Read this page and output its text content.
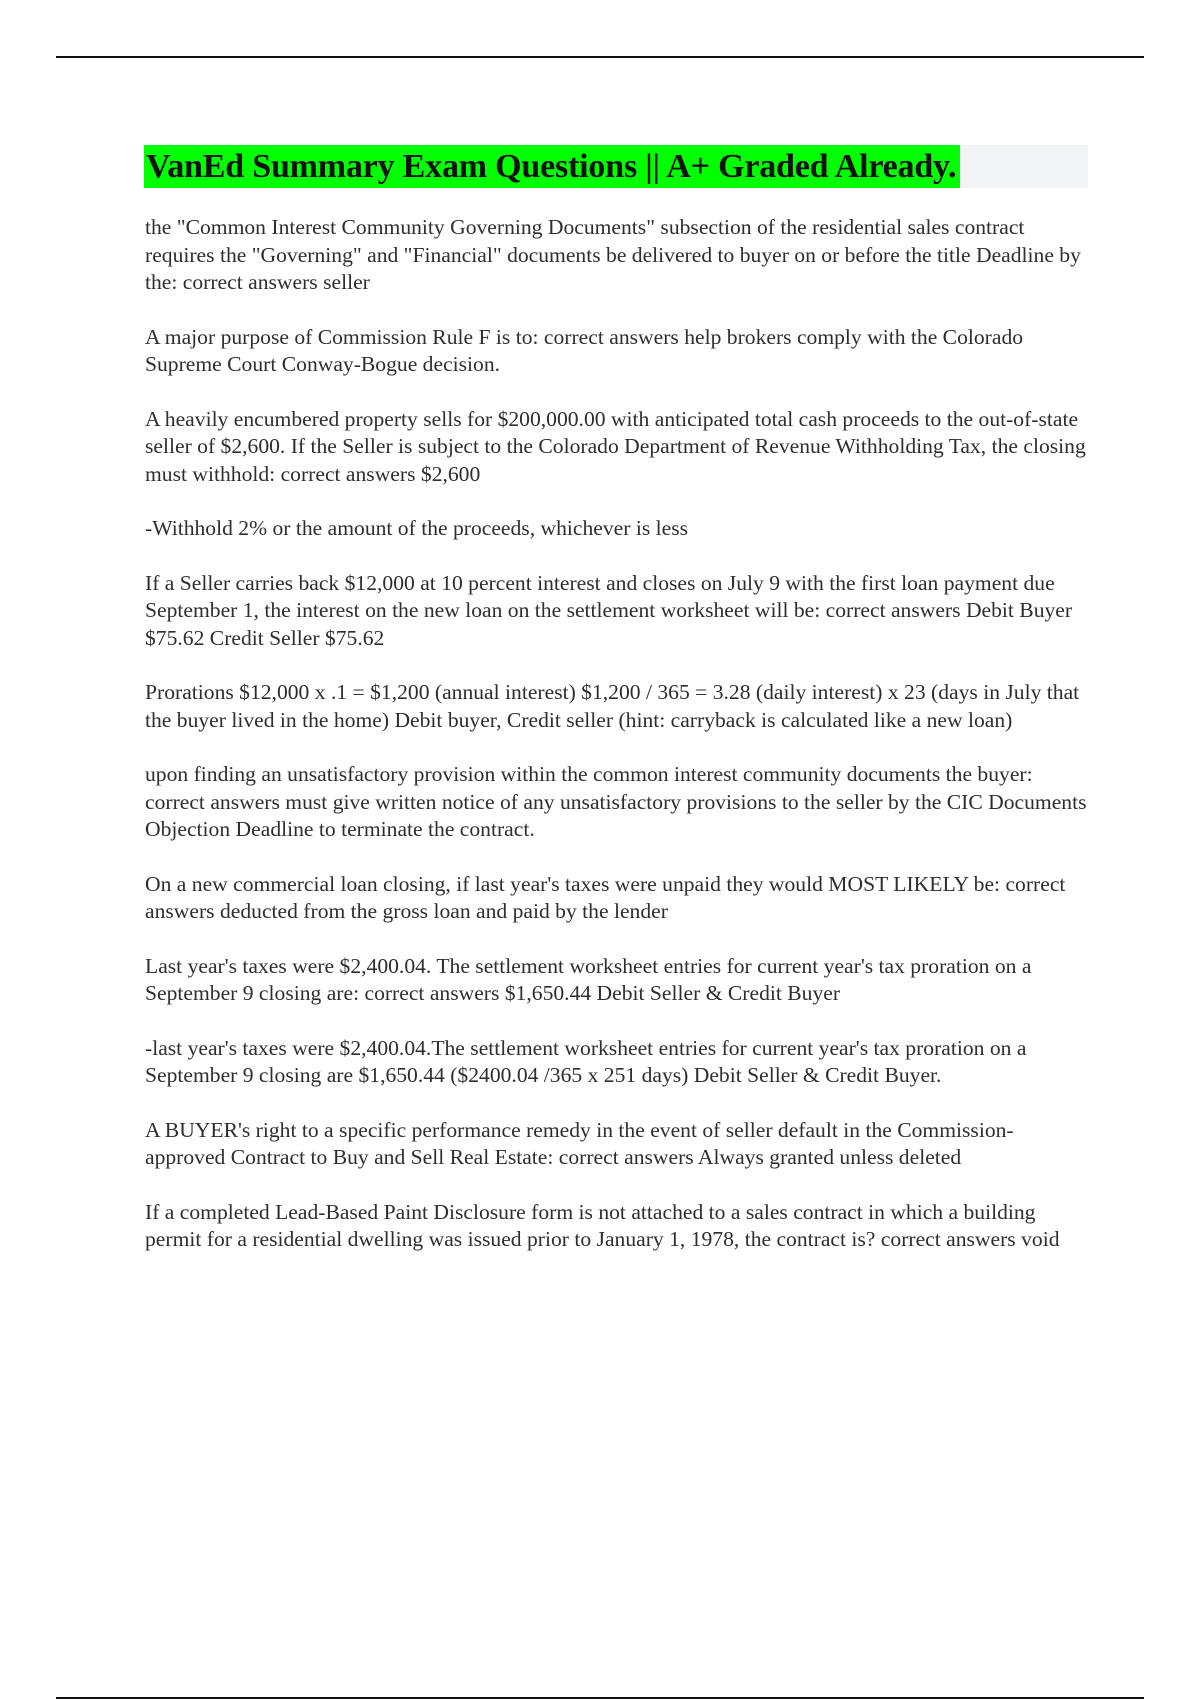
VanEd Summary Exam Questions || A+ Graded Already.

the "Common Interest Community Governing Documents" subsection of the residential sales contract requires the "Governing" and "Financial" documents be delivered to buyer on or before the title Deadline by the: correct answers seller

A major purpose of Commission Rule F is to: correct answers help brokers comply with the Colorado Supreme Court Conway-Bogue decision.

A heavily encumbered property sells for $200,000.00 with anticipated total cash proceeds to the out-of-state seller of $2,600. If the Seller is subject to the Colorado Department of Revenue Withholding Tax, the closing must withhold: correct answers $2,600

-Withhold 2% or the amount of the proceeds, whichever is less

If a Seller carries back $12,000 at 10 percent interest and closes on July 9 with the first loan payment due September 1, the interest on the new loan on the settlement worksheet will be: correct answers Debit Buyer $75.62 Credit Seller $75.62

Prorations $12,000 x .1 = $1,200 (annual interest) $1,200 / 365 = 3.28 (daily interest) x 23 (days in July that the buyer lived in the home) Debit buyer, Credit seller (hint: carryback is calculated like a new loan)

upon finding an unsatisfactory provision within the common interest community documents the buyer: correct answers must give written notice of any unsatisfactory provisions to the seller by the CIC Documents Objection Deadline to terminate the contract.

On a new commercial loan closing, if last year's taxes were unpaid they would MOST LIKELY be: correct answers deducted from the gross loan and paid by the lender

Last year's taxes were $2,400.04. The settlement worksheet entries for current year's tax proration on a September 9 closing are: correct answers $1,650.44 Debit Seller & Credit Buyer

-last year's taxes were $2,400.04.The settlement worksheet entries for current year's tax proration on a September 9 closing are $1,650.44 ($2400.04 /365 x 251 days) Debit Seller & Credit Buyer.

A BUYER's right to a specific performance remedy in the event of seller default in the Commission- approved Contract to Buy and Sell Real Estate: correct answers Always granted unless deleted

If a completed Lead-Based Paint Disclosure form is not attached to a sales contract in which a building permit for a residential dwelling was issued prior to January 1, 1978, the contract is? correct answers void
